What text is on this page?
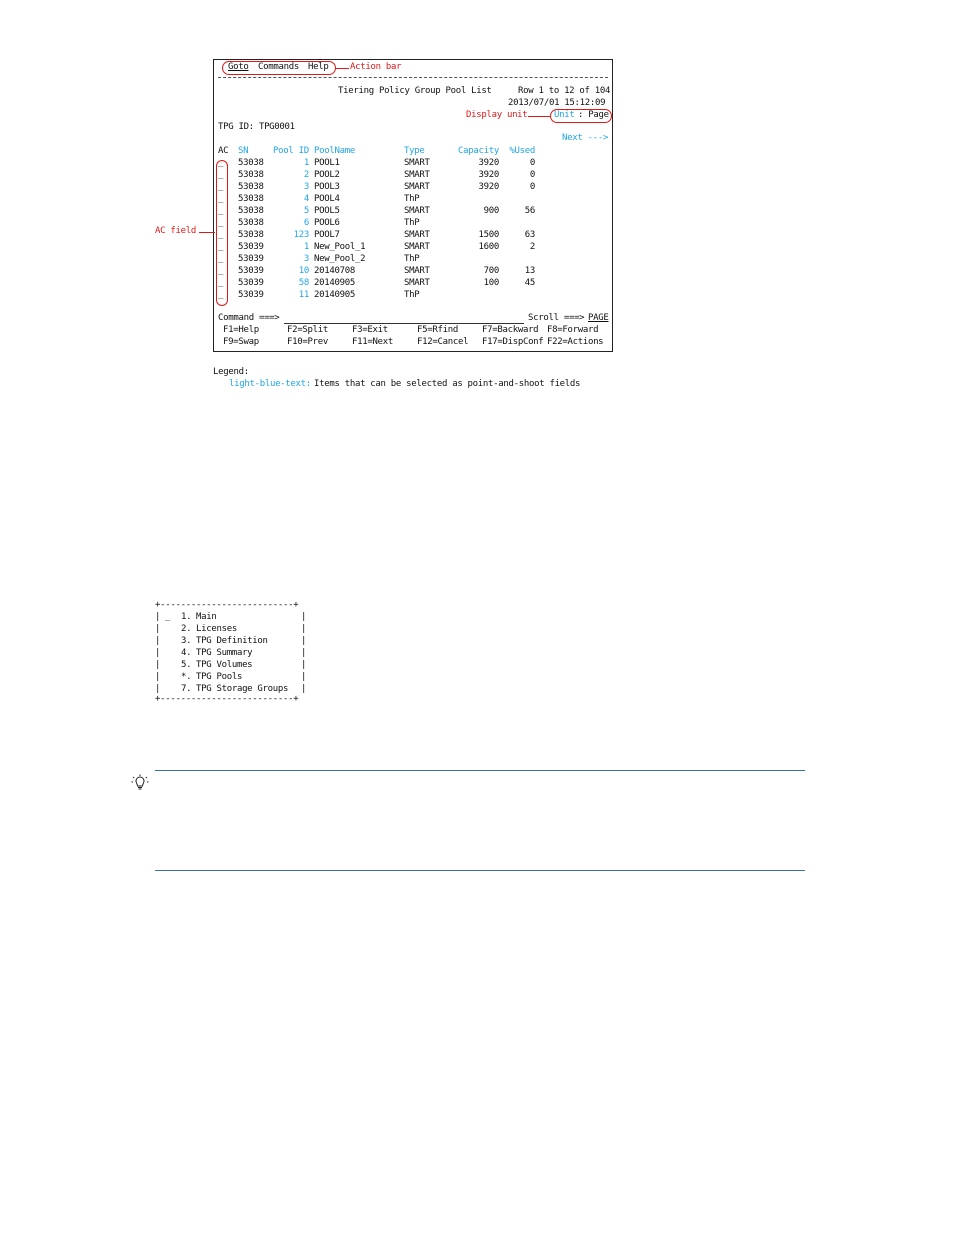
Goto Commands Help Action bar
Tiering Policy Group Pool List	Row 1 to 12 of 104
2013/07/01 15:12:09
Display unit	Unit : Page
TPG ID: TPG0001
Next --->
AC	SN	Pool ID	PoolName	Type	Capacity	%Used
_	53038	1	POOL1	SMART	3920	0
_	53038	2	POOL2	SMART	3920	0
_	53038	3	POOL3	SMART	3920	0
_	53038	4	POOL4	ThP		
_	53038	5	POOL5	SMART	900	56
_	53038	6	POOL6	ThP		
_	53038	123	POOL7	SMART	1500	63
_	53039	1	New_Pool_1	SMART	1600	2
_	53039	3	New_Pool_2	ThP		
_	53039	10	20140708	SMART	700	13
_	53039	58	20140905	SMART	100	45
_	53039	11	20140905	ThP		
Command ===>	Scroll ===> PAGE
F1=Help	F2=Split	F3=Exit	F5=Rfind	F7=Backward F8=Forward
F9=Swap	F10=Prev	F11=Next	F12=Cancel F17=DispConf F22=Actions
AC field
Legend:
light-blue-text: Items that can be selected as point-and-shoot fields
+--------------------------+
|	|
_ 1. Main
|	|
2. Licenses
|	|
3. TPG Definition
|	|
4. TPG Summary
|	|
5. TPG Volumes
|	|
*. TPG Pools
|	|
7. TPG Storage Groups
+--------------------------+
